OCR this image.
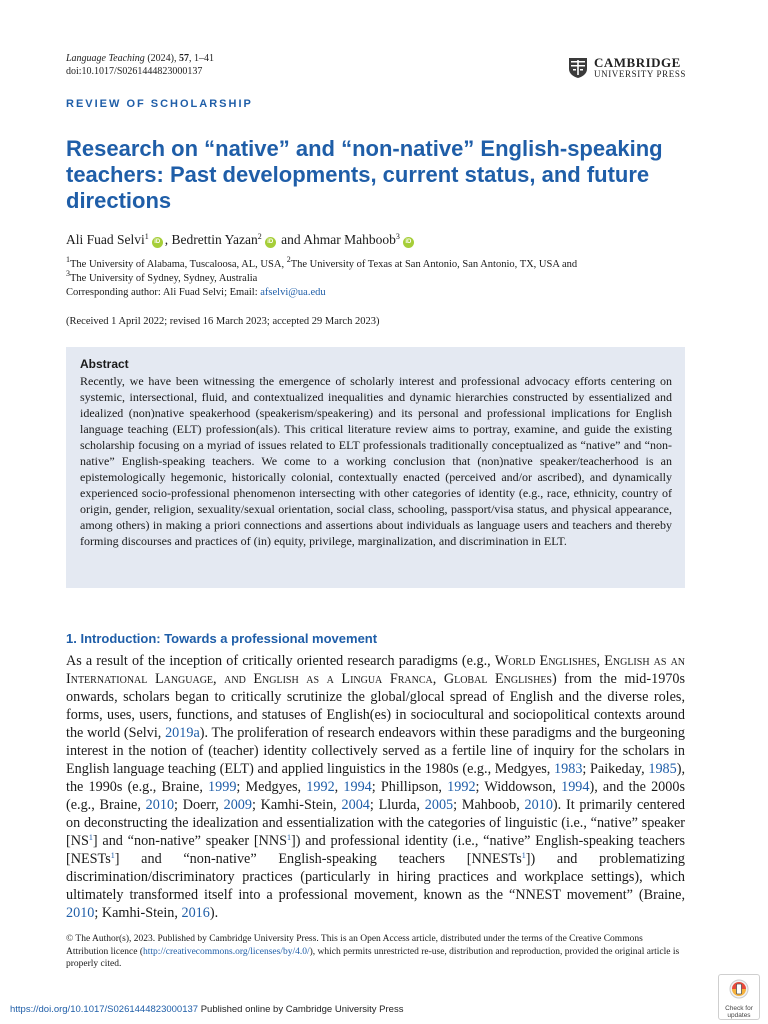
Language Teaching (2024), 57, 1–41
doi:10.1017/S0261444823000137
CAMBRIDGE
UNIVERSITY PRESS
REVIEW OF SCHOLARSHIP
Research on “native” and “non-native” English-speaking teachers: Past developments, current status, and future directions
Ali Fuad Selvi$^1$iD , Bedrettin Yazan$^2$iD and Ahmar Mahboob$^3$iD
$^1$The University of Alabama, Tuscaloosa, AL, USA, $^2$The University of Texas at San Antonio, San Antonio, TX, USA and
$^3$The University of Sydney, Sydney, Australia
Corresponding author: Ali Fuad Selvi; Email: afselvi@ua.edu
(Received 1 April 2022; revised 16 March 2023; accepted 29 March 2023)
Abstract
Recently, we have been witnessing the emergence of scholarly interest and professional advocacy efforts centering on systemic, intersectional, fluid, and contextualized inequalities and dynamic hierarchies constructed by essentialized and idealized (non)native speakerhood (speakerism/speakering) and its personal and professional implications for English language teaching (ELT) profession(als). This critical literature review aims to portray, examine, and guide the existing scholarship focusing on a myriad of issues related to ELT professionals traditionally conceptualized as “native” and “non-native” English-speaking teachers. We come to a working conclusion that (non)native speaker/teacherhood is an epistemologically hegemonic, historically colonial, contextually enacted (perceived and/or ascribed), and dynamically experienced socio-professional phenomenon intersecting with other categories of identity (e.g., race, ethnicity, country of origin, gender, religion, sexuality/sexual orientation, social class, schooling, passport/visa status, and physical appearance, among others) in making a priori connections and assertions about individuals as language users and teachers and thereby forming discourses and practices of (in) equity, privilege, marginalization, and discrimination in ELT.
1. Introduction: Towards a professional movement
As a result of the inception of critically oriented research paradigms (e.g., World Englishes, English as an International Language, and English as a Lingua Franca, Global Englishes) from the mid-1970s onwards, scholars began to critically scrutinize the global/glocal spread of English and the diverse roles, forms, uses, users, functions, and statuses of English(es) in sociocultural and sociopolitical contexts around the world (Selvi, 2019a). The proliferation of research endeavors within these paradigms and the burgeoning interest in the notion of (teacher) identity collectively served as a fertile line of inquiry for the scholars in English language teaching (ELT) and applied linguistics in the 1980s (e.g., Medgyes, 1983; Paikeday, 1985), the 1990s (e.g., Braine, 1999; Medgyes, 1992, 1994; Phillipson, 1992; Widdowson, 1994), and the 2000s (e.g., Braine, 2010; Doerr, 2009; Kamhi-Stein, 2004; Llurda, 2005; Mahboob, 2010). It primarily centered on deconstructing the idealization and essentialization with the categories of linguistic (i.e., “native” speaker [NS$^1$] and “non-native” speaker [NNS$^1$]) and professional identity (i.e., “native” English-speaking teachers [NESTs$^1$] and “non-native” English-speaking teachers [NNESTs$^1$]) and problematizing discrimination/discriminatory practices (particularly in hiring practices and workplace settings), which ultimately transformed itself into a professional movement, known as the “NNEST movement” (Braine, 2010; Kamhi-Stein, 2016).
© The Author(s), 2023. Published by Cambridge University Press. This is an Open Access article, distributed under the terms of the Creative Commons Attribution licence (http://creativecommons.org/licenses/by/4.0/), which permits unrestricted re-use, distribution and reproduction, provided the original article is properly cited.
https://doi.org/10.1017/S0261444823000137 Published online by Cambridge University Press	Check for
updates
